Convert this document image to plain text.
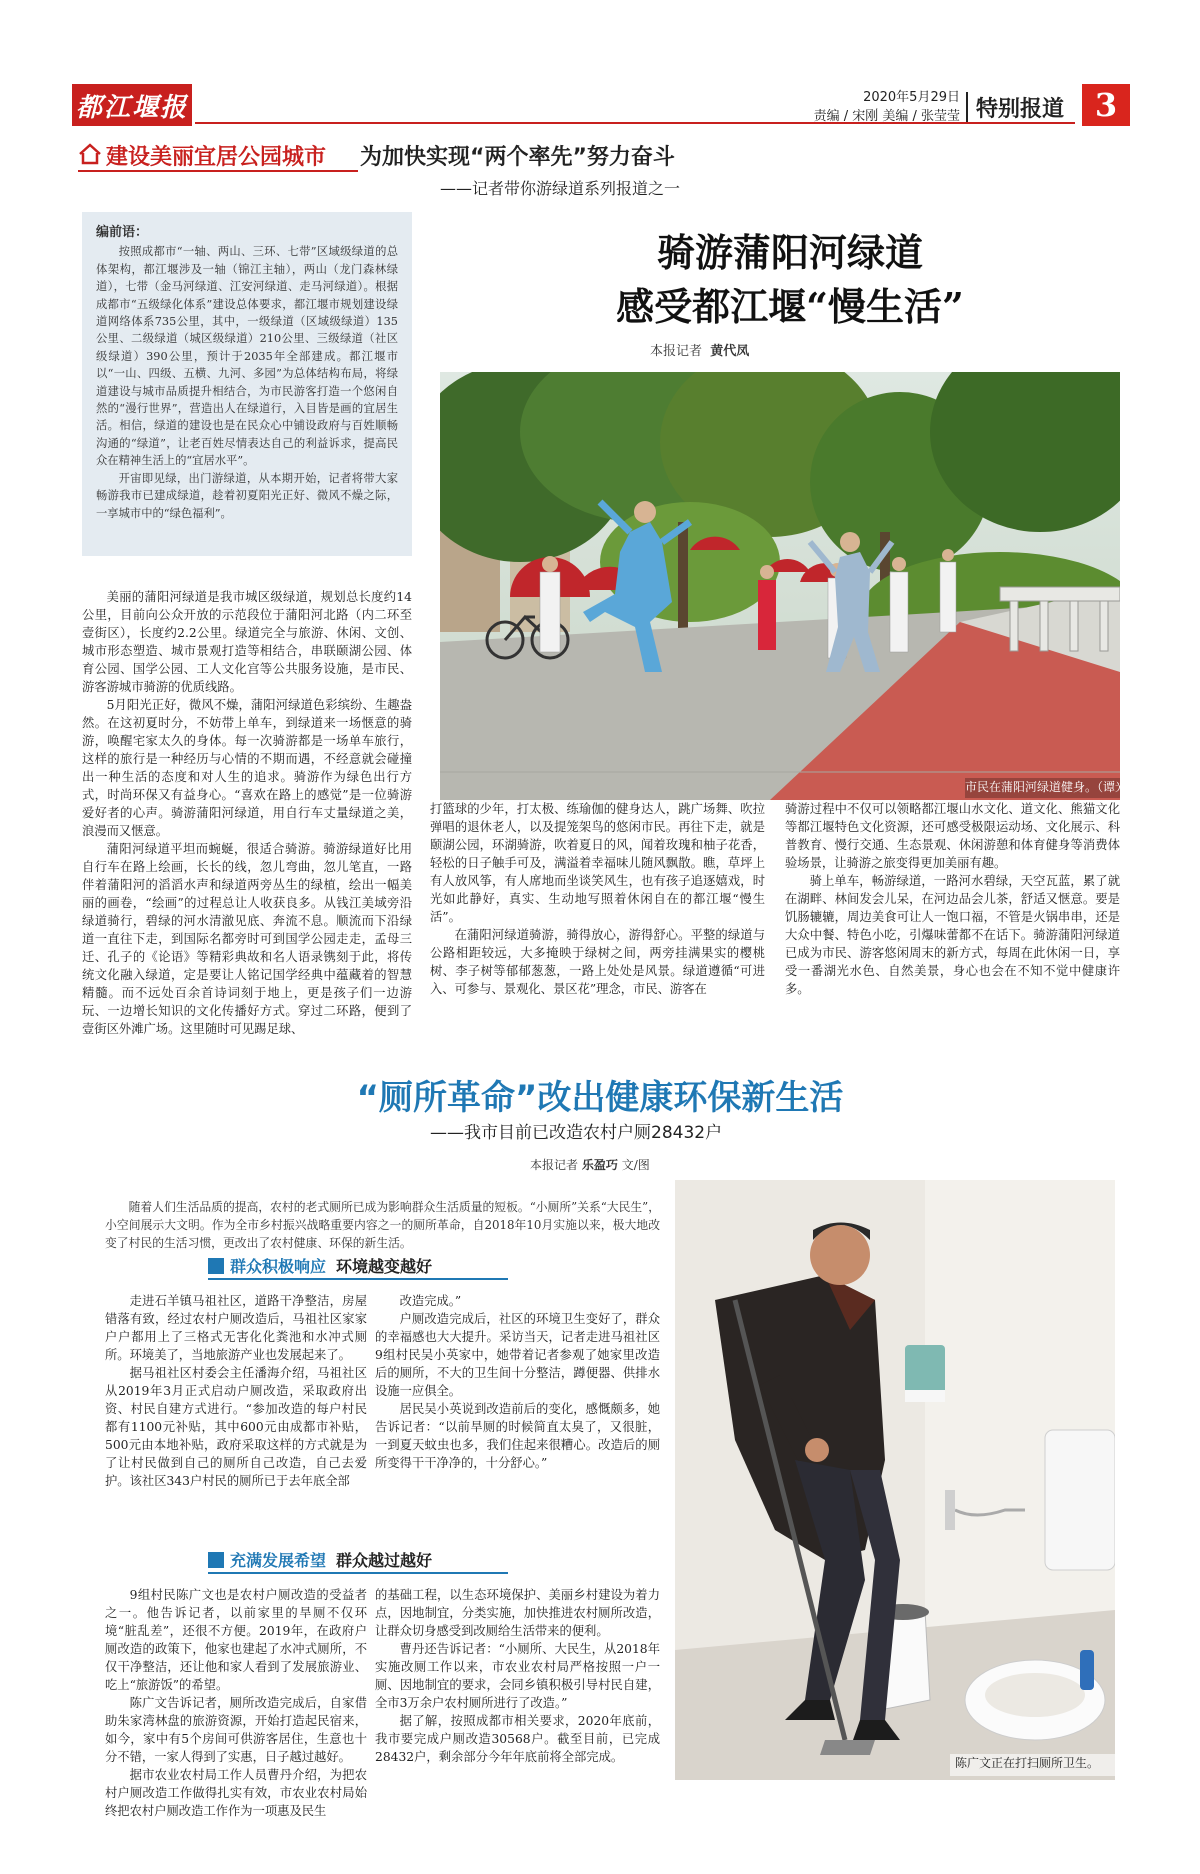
都江堰报	2020年5月29日
责编 / 宋刚 美编 / 张莹莹 特别报道 3
建设美丽宜居公园城市 为加快实现“两个率先”努力奋斗
——记者带你游绿道系列报道之一
编前语：

按照成都市“一轴、两山、三环、七带”区域级绿道的总体架构，都江堰涉及一轴（锦江主轴），两山（龙门森林绿道），七带（金马河绿道、江安河绿道、走马河绿道）。根据成都市“五级绿化体系”建设总体要求，都江堰市规划建设绿道网络体系735公里，其中，一级绿道（区域级绿道）135公里、二级绿道（城区级绿道）210公里、三级绿道（社区级绿道）390公里，预计于2035年全部建成。都江堰市以“一山、四级、五横、九河、多园”为总体结构布局，将绿道建设与城市品质提升相结合，为市民游客打造一个悠闲自然的“漫行世界”，营造出人在绿道行，入目皆是画的宜居生活。相信，绿道的建设也是在民众心中铺设政府与百姓顺畅沟通的“绿道”，让老百姓尽情表达自己的利益诉求，提高民众在精神生活上的“宜居水平”。

开宙即见绿，出门游绿道，从本期开始，记者将带大家畅游我市已建成绿道，趁着初夏阳光正好、微风不燥之际，一享城市中的“绿色福利”。

骑游蒲阳河绿道
感受都江堰“慢生活”
本报记者 黄代凤
市民在蒲阳河绿道健身。（谭光明 摄）

美丽的蒲阳河绿道是我市城区级绿道，规划总长度约14公里，目前向公众开放的示范段位于蒲阳河北路（内二环至壹街区），长度约2.2公里。绿道完全与旅游、休闲、文创、城市形态塑造、城市景观打造等相结合，串联颐湖公园、体育公园、国学公园、工人文化宫等公共服务设施，是市民、游客游城市骑游的优质线路。

5月阳光正好，微风不燥，蒲阳河绿道色彩缤纷、生趣盎然。在这初夏时分，不妨带上单车，到绿道来一场惬意的骑游，唤醒宅家太久的身体。每一次骑游都是一场单车旅行，这样的旅行是一种经历与心情的不期而遇，不经意就会碰撞出一种生活的态度和对人生的追求。骑游作为绿色出行方式，时尚环保又有益身心。“喜欢在路上的感觉”是一位骑游爱好者的心声。骑游蒲阳河绿道，用自行车丈量绿道之美，浪漫而又惬意。

蒲阳河绿道平坦而蜿蜒，很适合骑游。骑游绿道好比用自行车在路上绘画，长长的线，忽儿弯曲，忽儿笔直，一路伴着蒲阳河的滔滔水声和绿道两旁丛生的绿植，绘出一幅美丽的画卷，“绘画”的过程总让人收获良多。从钱江美域旁沿绿道骑行，碧绿的河水清澈见底、奔流不息。顺流而下沿绿道一直往下走，到国际名都旁时可到国学公园走走，孟母三迁、孔子的《论语》等精彩典故和名人语录镌刻于此，将传统文化融入绿道，定是要让人铭记国学经典中蕴藏着的智慧精髓。而不远处百余首诗词刻于地上，更是孩子们一边游玩、一边增长知识的文化传播好方式。穿过二环路，便到了壹街区外滩广场。这里随时可见踢足球、

打篮球的少年，打太极、练瑜伽的健身达人，跳广场舞、吹拉弹唱的退休老人，以及提笼架鸟的悠闲市民。再往下走，就是颐湖公园，环湖骑游，吹着夏日的风，闻着玫瑰和柚子花香，轻松的日子触手可及，满溢着幸福味儿随风飘散。瞧，草坪上有人放风筝，有人席地而坐谈笑风生，也有孩子追逐嬉戏，时光如此静好，真实、生动地写照着休闲自在的都江堰“慢生活”。

在蒲阳河绿道骑游，骑得放心，游得舒心。平整的绿道与公路相距较远，大多掩映于绿树之间，两旁挂满果实的樱桃树、李子树等郁郁葱葱，一路上处处是风景。绿道遵循“可进入、可参与、景观化、景区花”理念，市民、游客在

骑游过程中不仅可以领略都江堰山水文化、道文化、熊猫文化等都江堰特色文化资源，还可感受极限运动场、文化展示、科普教育、慢行交通、生态景观、休闲游憩和体育健身等消费体验场景，让骑游之旅变得更加美丽有趣。

骑上单车，畅游绿道，一路河水碧绿，天空瓦蓝，累了就在湖畔、林间发会儿呆，在河边品会儿茶，舒适又惬意。要是饥肠辘辘，周边美食可让人一饱口福，不管是火锅串串，还是大众中餐、特色小吃，引爆味蕾都不在话下。骑游蒲阳河绿道已成为市民、游客悠闲周末的新方式，每周在此休闲一日，享受一番湖光水色、自然美景，身心也会在不知不觉中健康许多。

“厕所革命”改出健康环保新生活
——我市目前已改造农村户厕28432户
本报记者 乐盈巧 文/图
随着人们生活品质的提高，农村的老式厕所已成为影响群众生活质量的短板。“小厕所”关系“大民生”，小空间展示大文明。作为全市乡村振兴战略重要内容之一的厕所革命，自2018年10月实施以来，极大地改变了村民的生活习惯，更改出了农村健康、环保的新生活。
群众积极响应 环境越变越好

走进石羊镇马祖社区，道路干净整洁，房屋错落有致，经过农村户厕改造后，马祖社区家家户户都用上了三格式无害化化粪池和水冲式厕所。环境美了，当地旅游产业也发展起来了。

据马祖社区村委会主任潘海介绍，马祖社区从2019年3月正式启动户厕改造，采取政府出资、村民自建方式进行。“参加改造的每户村民都有1100元补贴，其中600元由成都市补贴，500元由本地补贴，政府采取这样的方式就是为了让村民做到自己的厕所自己改造，自己去爱护。该社区343户村民的厕所已于去年底全部

改造完成。”

户厕改造完成后，社区的环境卫生变好了，群众的幸福感也大大提升。采访当天，记者走进马祖社区9组村民吴小英家中，她带着记者参观了她家里改造后的厕所，不大的卫生间十分整洁，蹲便器、供排水设施一应俱全。

居民吴小英说到改造前后的变化，感慨颇多，她告诉记者：“以前旱厕的时候简直太臭了，又很脏，一到夏天蚊虫也多，我们住起来很糟心。改造后的厕所变得干干净净的，十分舒心。”

充满发展希望 群众越过越好

9组村民陈广文也是农村户厕改造的受益者之一。他告诉记者，以前家里的旱厕不仅环境“脏乱差”，还很不方便。2019年，在政府户厕改造的政策下，他家也建起了水冲式厕所，不仅干净整洁，还让他和家人看到了发展旅游业、吃上“旅游饭”的希望。

陈广文告诉记者，厕所改造完成后，自家借助朱家湾林盘的旅游资源，开始打造起民宿来，如今，家中有5个房间可供游客居住，生意也十分不错，一家人得到了实惠，日子越过越好。

据市农业农村局工作人员曹丹介绍，为把农村户厕改造工作做得扎实有效，市农业农村局始终把农村户厕改造工作作为一项惠及民生

的基础工程，以生态环境保护、美丽乡村建设为着力点，因地制宜，分类实施，加快推进农村厕所改造，让群众切身感受到改厕给生活带来的便利。

曹丹还告诉记者：“小厕所、大民生，从2018年实施改厕工作以来，市农业农村局严格按照一户一厕、因地制宜的要求，会同乡镇积极引导村民自建，全市3万余户农村厕所进行了改造。”

据了解，按照成都市相关要求，2020年底前，我市要完成户厕改造30568户。截至目前，已完成28432户，剩余部分今年年底前将全部完成。	陈广文正在打扫厕所卫生。
